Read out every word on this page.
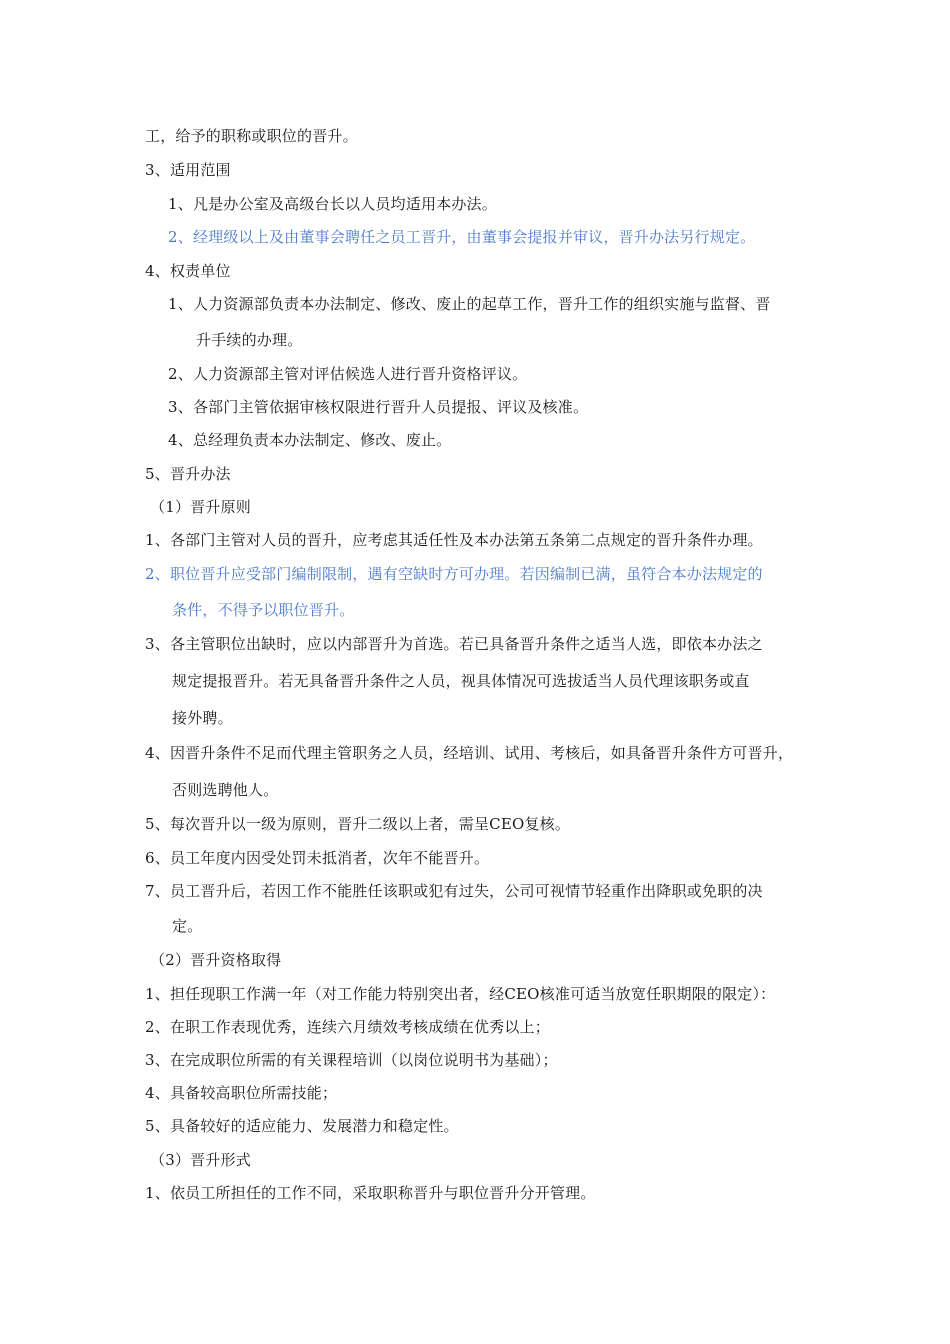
工，给予的职称或职位的晋升。
3、适用范围
1、凡是办公室及高级台长以人员均适用本办法。
2、经理级以上及由董事会聘任之员工晋升，由董事会提报并审议，晋升办法另行规定。
4、权责单位
1、人力资源部负责本办法制定、修改、废止的起草工作，晋升工作的组织实施与监督、晋
升手续的办理。
2、人力资源部主管对评估候选人进行晋升资格评议。
3、各部门主管依据审核权限进行晋升人员提报、评议及核准。
4、总经理负责本办法制定、修改、废止。
5、晋升办法
（1）晋升原则
1、各部门主管对人员的晋升，应考虑其适任性及本办法第五条第二点规定的晋升条件办理。
2、职位晋升应受部门编制限制，遇有空缺时方可办理。若因编制已满，虽符合本办法规定的
条件，不得予以职位晋升。
3、各主管职位出缺时，应以内部晋升为首选。若已具备晋升条件之适当人选，即依本办法之
规定提报晋升。若无具备晋升条件之人员，视具体情况可选拔适当人员代理该职务或直
接外聘。
4、因晋升条件不足而代理主管职务之人员，经培训、试用、考核后，如具备晋升条件方可晋升，
否则选聘他人。
5、每次晋升以一级为原则，晋升二级以上者，需呈CEO复核。
6、员工年度内因受处罚未抵消者，次年不能晋升。
7、员工晋升后，若因工作不能胜任该职或犯有过失，公司可视情节轻重作出降职或免职的决
定。
（2）晋升资格取得
1、担任现职工作满一年（对工作能力特别突出者，经CEO核准可适当放宽任职期限的限定）：
2、在职工作表现优秀，连续六月绩效考核成绩在优秀以上；
3、在完成职位所需的有关课程培训（以岗位说明书为基础）；
4、具备较高职位所需技能；
5、具备较好的适应能力、发展潜力和稳定性。
（3）晋升形式
1、依员工所担任的工作不同，采取职称晋升与职位晋升分开管理。
